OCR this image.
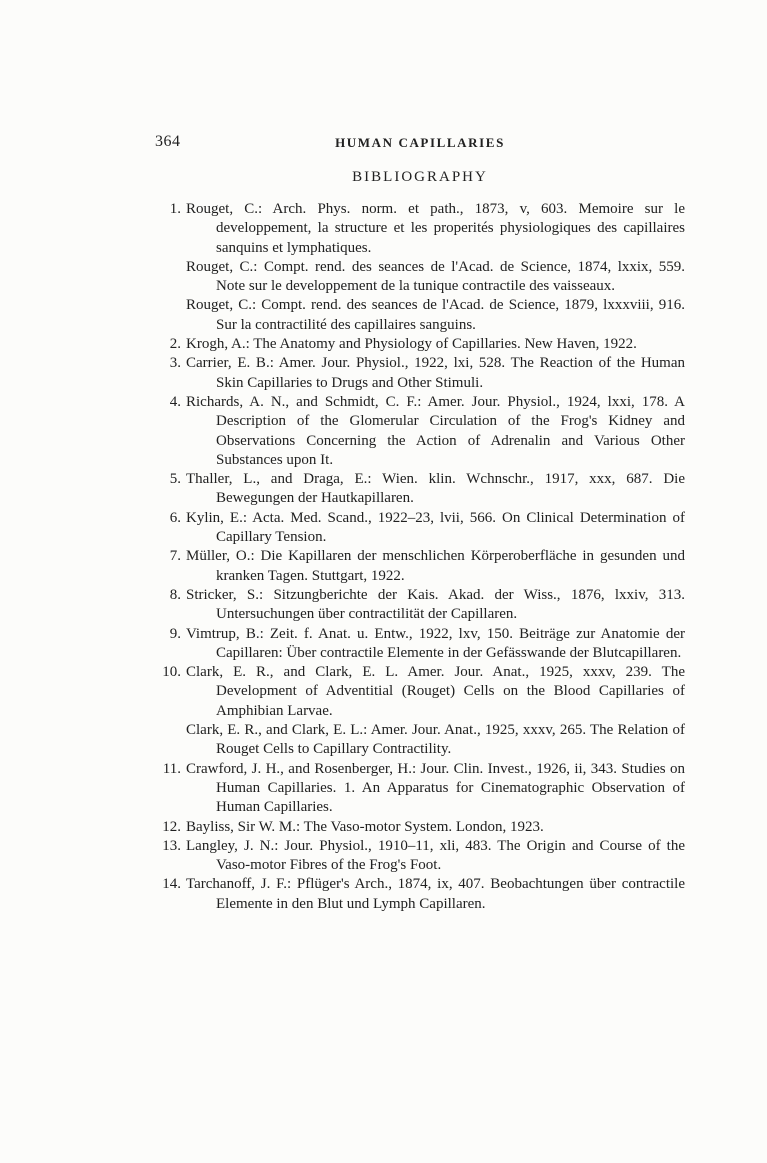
364	HUMAN CAPILLARIES
BIBLIOGRAPHY
1. Rouget, C.: Arch. Phys. norm. et path., 1873, v, 603. Memoire sur le developpement, la structure et les properités physiologiques des capillaires sanquins et lymphatiques.
Rouget, C.: Compt. rend. des seances de l'Acad. de Science, 1874, lxxix, 559. Note sur le developpement de la tunique contractile des vaisseaux.
Rouget, C.: Compt. rend. des seances de l'Acad. de Science, 1879, lxxxviii, 916. Sur la contractilité des capillaires sanguins.
2. Krogh, A.: The Anatomy and Physiology of Capillaries. New Haven, 1922.
3. Carrier, E. B.: Amer. Jour. Physiol., 1922, lxi, 528. The Reaction of the Human Skin Capillaries to Drugs and Other Stimuli.
4. Richards, A. N., and Schmidt, C. F.: Amer. Jour. Physiol., 1924, lxxi, 178. A Description of the Glomerular Circulation of the Frog's Kidney and Observations Concerning the Action of Adrenalin and Various Other Substances upon It.
5. Thaller, L., and Draga, E.: Wien. klin. Wchnschr., 1917, xxx, 687. Die Bewegungen der Hautkapillaren.
6. Kylin, E.: Acta. Med. Scand., 1922–23, lvii, 566. On Clinical Determination of Capillary Tension.
7. Müller, O.: Die Kapillaren der menschlichen Körperoberfläche in gesunden und kranken Tagen. Stuttgart, 1922.
8. Stricker, S.: Sitzungberichte der Kais. Akad. der Wiss., 1876, lxxiv, 313. Untersuchungen über contractilität der Capillaren.
9. Vimtrup, B.: Zeit. f. Anat. u. Entw., 1922, lxv, 150. Beiträge zur Anatomie der Capillaren: Über contractile Elemente in der Gefässwande der Blutcapillaren.
10. Clark, E. R., and Clark, E. L. Amer. Jour. Anat., 1925, xxxv, 239. The Development of Adventitial (Rouget) Cells on the Blood Capillaries of Amphibian Larvae.
Clark, E. R., and Clark, E. L.: Amer. Jour. Anat., 1925, xxxv, 265. The Relation of Rouget Cells to Capillary Contractility.
11. Crawford, J. H., and Rosenberger, H.: Jour. Clin. Invest., 1926, ii, 343. Studies on Human Capillaries. 1. An Apparatus for Cinematographic Observation of Human Capillaries.
12. Bayliss, Sir W. M.: The Vaso-motor System. London, 1923.
13. Langley, J. N.: Jour. Physiol., 1910–11, xli, 483. The Origin and Course of the Vaso-motor Fibres of the Frog's Foot.
14. Tarchanoff, J. F.: Pflüger's Arch., 1874, ix, 407. Beobachtungen über contractile Elemente in den Blut und Lymph Capillaren.
